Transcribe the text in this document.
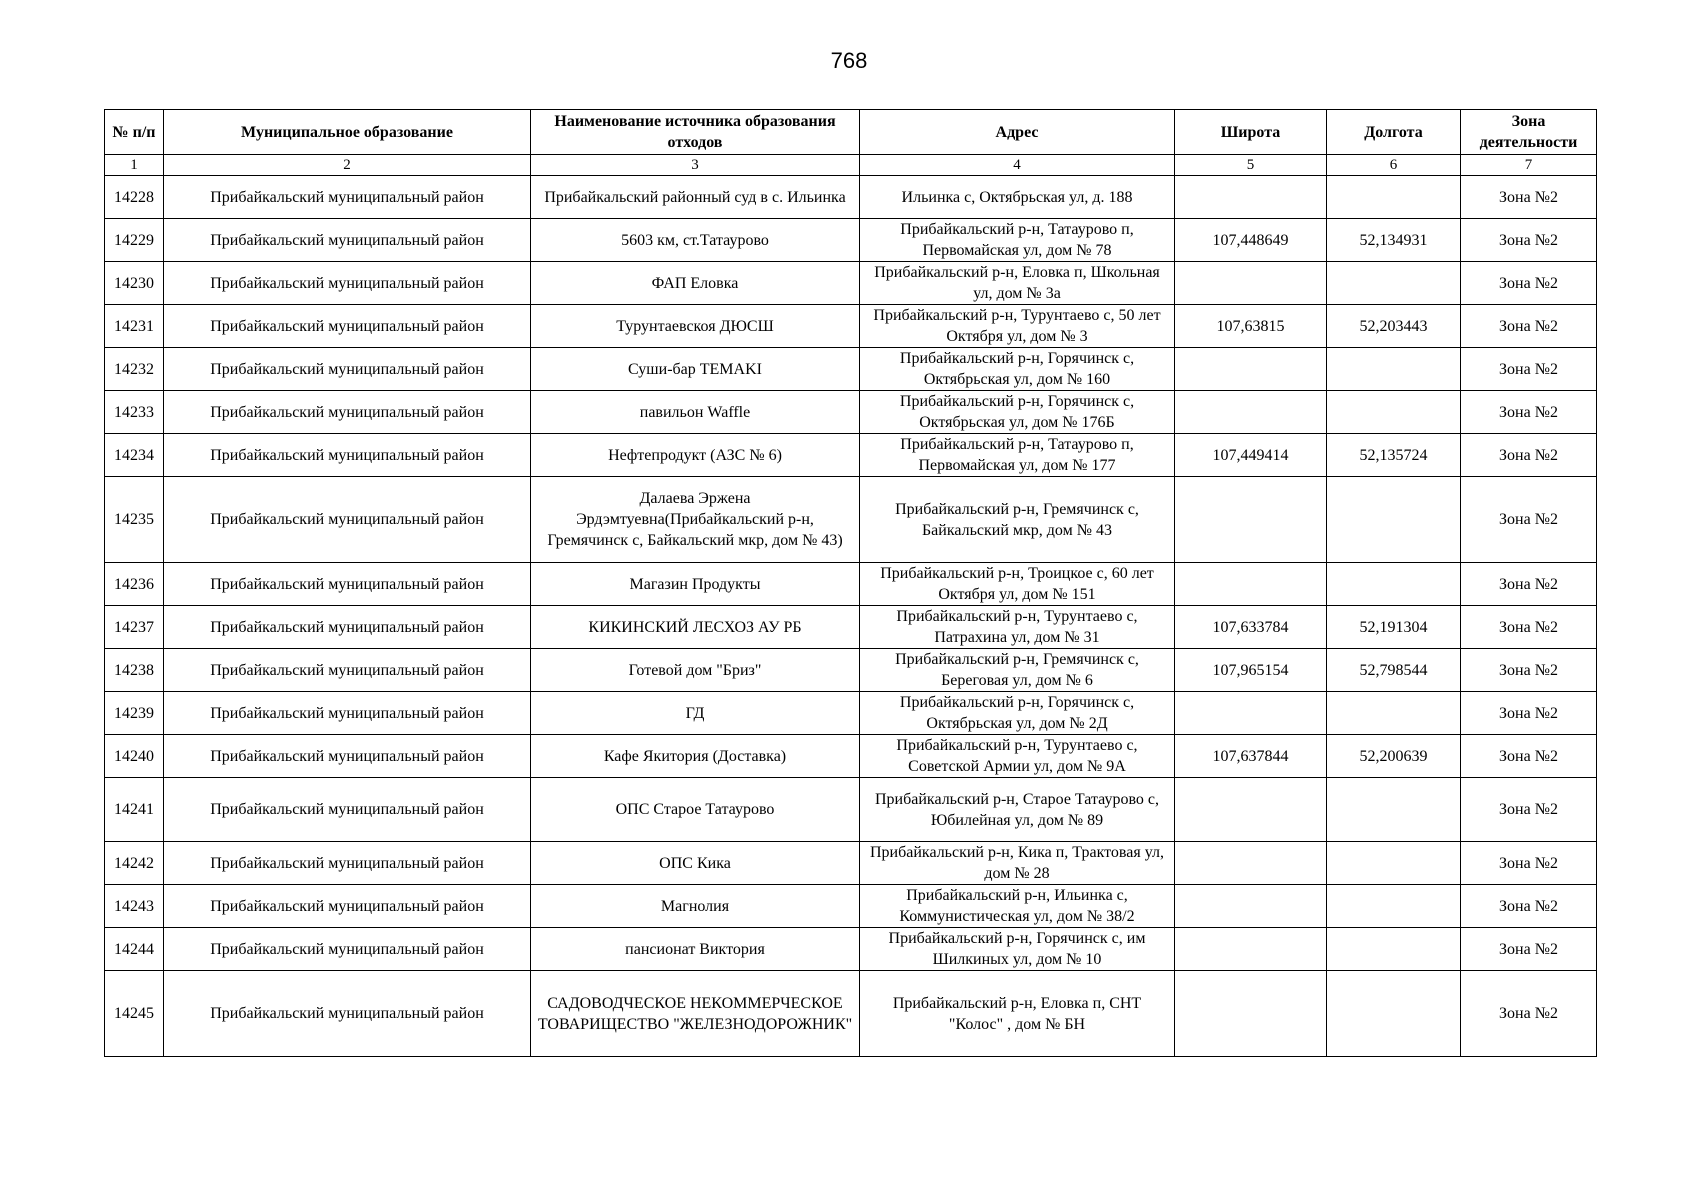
768
№ п/п	Муниципальное образование	Наименование источника образования отходов	Адрес	Широта	Долгота	Зона деятельности
1	2	3	4	5	6	7
14228	Прибайкальский муниципальный район	Прибайкальский районный суд в с. Ильинка	Ильинка с, Октябрьская ул, д. 188			Зона №2
14229	Прибайкальский муниципальный район	5603 км, ст.Татаурово	Прибайкальский р-н, Татаурово п, Первомайская ул, дом № 78	107,448649	52,134931	Зона №2
14230	Прибайкальский муниципальный район	ФАП Еловка	Прибайкальский р-н, Еловка п, Школьная ул, дом № 3а			Зона №2
14231	Прибайкальский муниципальный район	Турунтаевскоя ДЮСШ	Прибайкальский р-н, Турунтаево с, 50 лет Октября ул, дом № 3	107,63815	52,203443	Зона №2
14232	Прибайкальский муниципальный район	Суши-бар TEMAKI	Прибайкальский р-н, Горячинск с, Октябрьская ул, дом № 160			Зона №2
14233	Прибайкальский муниципальный район	павильон Waffle	Прибайкальский р-н, Горячинск с, Октябрьская ул, дом № 176Б			Зона №2
14234	Прибайкальский муниципальный район	Нефтепродукт (АЗС № 6)	Прибайкальский р-н, Татаурово п, Первомайская ул, дом № 177	107,449414	52,135724	Зона №2
14235	Прибайкальский муниципальный район	Далаева Эржена Эрдэмтуевна(Прибайкальский р-н, Гремячинск с, Байкальский мкр, дом № 43)	Прибайкальский р-н, Гремячинск с, Байкальский мкр, дом № 43			Зона №2
14236	Прибайкальский муниципальный район	Магазин Продукты	Прибайкальский р-н, Троицкое с, 60 лет Октября ул, дом № 151			Зона №2
14237	Прибайкальский муниципальный район	КИКИНСКИЙ ЛЕСХОЗ АУ РБ	Прибайкальский р-н, Турунтаево с, Патрахина ул, дом № 31	107,633784	52,191304	Зона №2
14238	Прибайкальский муниципальный район	Готевой дом "Бриз"	Прибайкальский р-н, Гремячинск с, Береговая ул, дом № 6	107,965154	52,798544	Зона №2
14239	Прибайкальский муниципальный район	ГД	Прибайкальский р-н, Горячинск с, Октябрьская ул, дом № 2Д			Зона №2
14240	Прибайкальский муниципальный район	Кафе Якитория (Доставка)	Прибайкальский р-н, Турунтаево с, Советской Армии ул, дом № 9А	107,637844	52,200639	Зона №2
14241	Прибайкальский муниципальный район	ОПС Старое Татаурово	Прибайкальский р-н, Старое Татаурово с, Юбилейная ул, дом № 89			Зона №2
14242	Прибайкальский муниципальный район	ОПС Кика	Прибайкальский р-н, Кика п, Трактовая ул, дом № 28			Зона №2
14243	Прибайкальский муниципальный район	Магнолия	Прибайкальский р-н, Ильинка с, Коммунистическая ул, дом № 38/2			Зона №2
14244	Прибайкальский муниципальный район	пансионат Виктория	Прибайкальский р-н, Горячинск с, им Шилкиных ул, дом № 10			Зона №2
14245	Прибайкальский муниципальный район	САДОВОДЧЕСКОЕ НЕКОММЕРЧЕСКОЕ ТОВАРИЩЕСТВО "ЖЕЛЕЗНОДОРОЖНИК"	Прибайкальский р-н, Еловка п, СНТ "Колос" , дом № БН			Зона №2
